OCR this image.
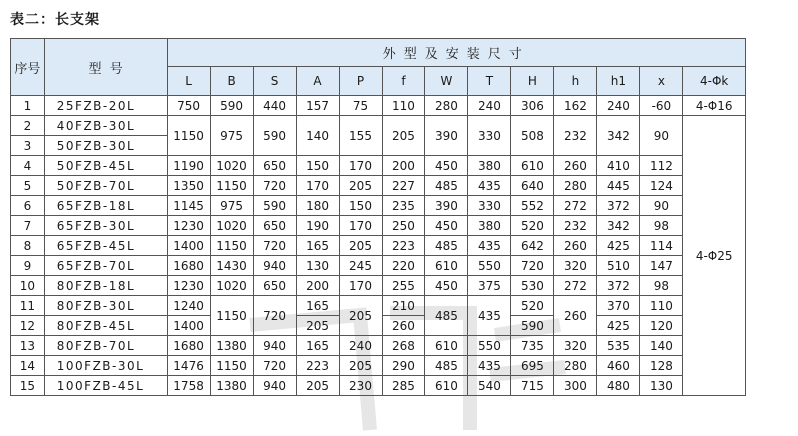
表二：长支架
序号	型  号	外型及安装尺寸												
		L	B	S	A	P	f	W	T	H	h	h1	x	4-Φk
1	25FZB-20L	750	590	440	157	75	110	280	240	306	162	240	-60	4-Φ16
2	40FZB-30L	1150	975	590	140	155	205	390	330	508	232	342	90	4-Φ25
3	50FZB-30L													
4	50FZB-45L	1190	1020	650	150	170	200	450	380	610	260	410	112	
5	50FZB-70L	1350	1150	720	170	205	227	485	435	640	280	445	124	
6	65FZB-18L	1145	975	590	180	150	235	390	330	552	272	372	90	
7	65FZB-30L	1230	1020	650	190	170	250	450	380	520	232	342	98	
8	65FZB-45L	1400	1150	720	165	205	223	485	435	642	260	425	114	
9	65FZB-70L	1680	1430	940	130	245	220	610	550	720	320	510	147	
10	80FZB-18L	1230	1020	650	200	170	255	450	375	530	272	372	98	
11	80FZB-30L	1240	1150	720	165	205	210	485	435	520	260	370	110	
12	80FZB-45L	1400			205		260			590		425	120	
13	80FZB-70L	1680	1380	940	165	240	268	610	550	735	320	535	140	
14	100FZB-30L	1476	1150	720	223	205	290	485	435	695	280	460	128	
15	100FZB-45L	1758	1380	940	205	230	285	610	540	715	300	480	130	
